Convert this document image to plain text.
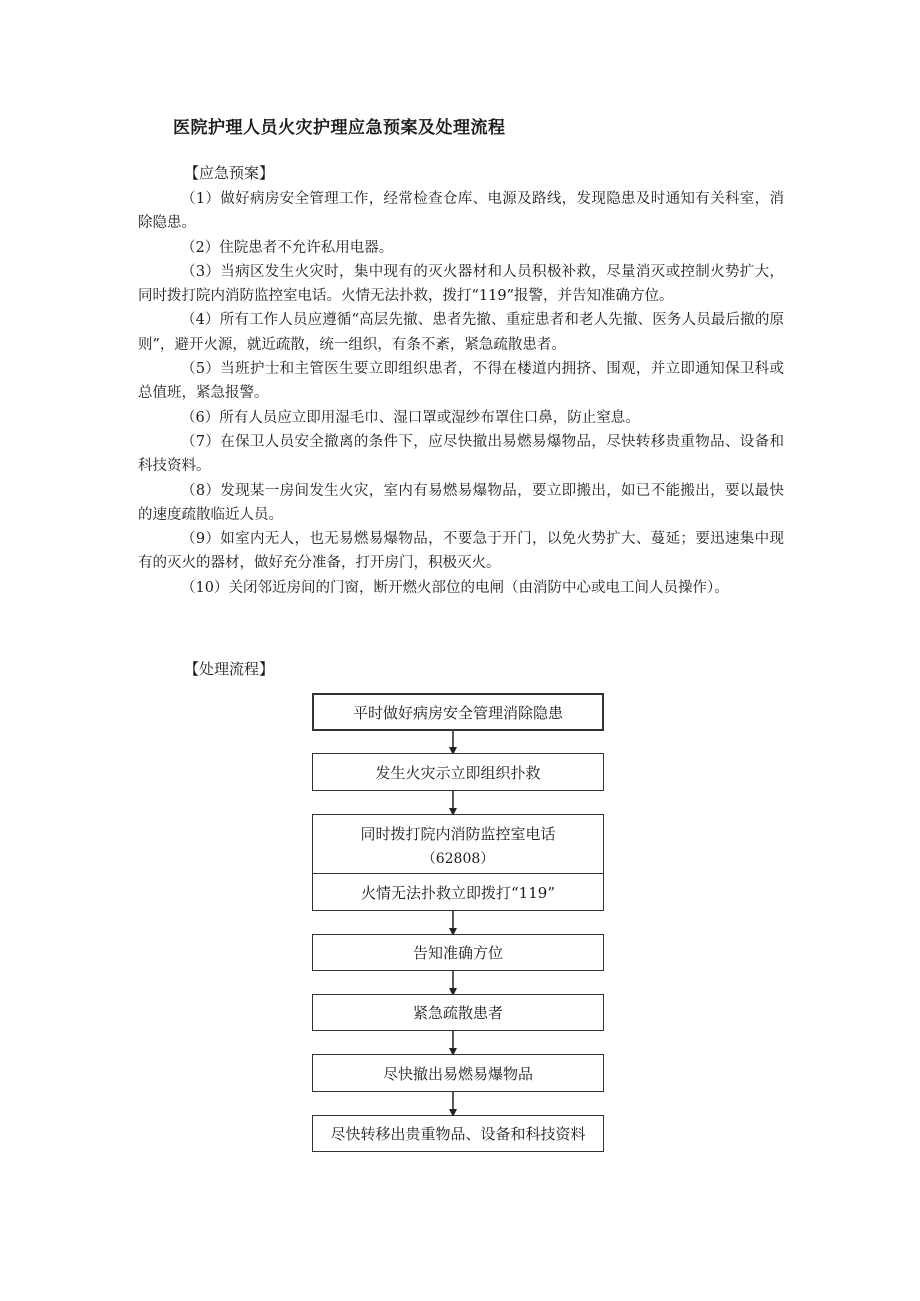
医院护理人员火灾护理应急预案及处理流程
【应急预案】

（1）做好病房安全管理工作，经常检查仓库、电源及路线，发现隐患及时通知有关科室，消除隐患。

（2）住院患者不允许私用电器。

（3）当病区发生火灾时，集中现有的灭火器材和人员积极补救，尽量消灭或控制火势扩大，同时拨打院内消防监控室电话。火情无法扑救，拨打“119”报警，并告知准确方位。

（4）所有工作人员应遵循“高层先撤、患者先撤、重症患者和老人先撤、医务人员最后撤的原则”，避开火源，就近疏散，统一组织，有条不紊，紧急疏散患者。

（5）当班护士和主管医生要立即组织患者，不得在楼道内拥挤、围观，并立即通知保卫科或总值班，紧急报警。

（6）所有人员应立即用湿毛巾、湿口罩或湿纱布罩住口鼻，防止窒息。

（7）在保卫人员安全撤离的条件下，应尽快撤出易燃易爆物品，尽快转移贵重物品、设备和科技资料。

（8）发现某一房间发生火灾，室内有易燃易爆物品，要立即搬出，如已不能搬出，要以最快的速度疏散临近人员。

（9）如室内无人，也无易燃易爆物品，不要急于开门，以免火势扩大、蔓延；要迅速集中现有的灭火的器材，做好充分准备，打开房门，积极灭火。

（10）关闭邻近房间的门窗，断开燃火部位的电闸（由消防中心或电工间人员操作）。

【处理流程】
平时做好病房安全管理消除隐患
发生火灾示立即组织扑救
同时拨打院内消防监控室电话
（62808）
火情无法扑救立即拨打“119”
告知准确方位
紧急疏散患者
尽快撤出易燃易爆物品
尽快转移出贵重物品、设备和科技资料
